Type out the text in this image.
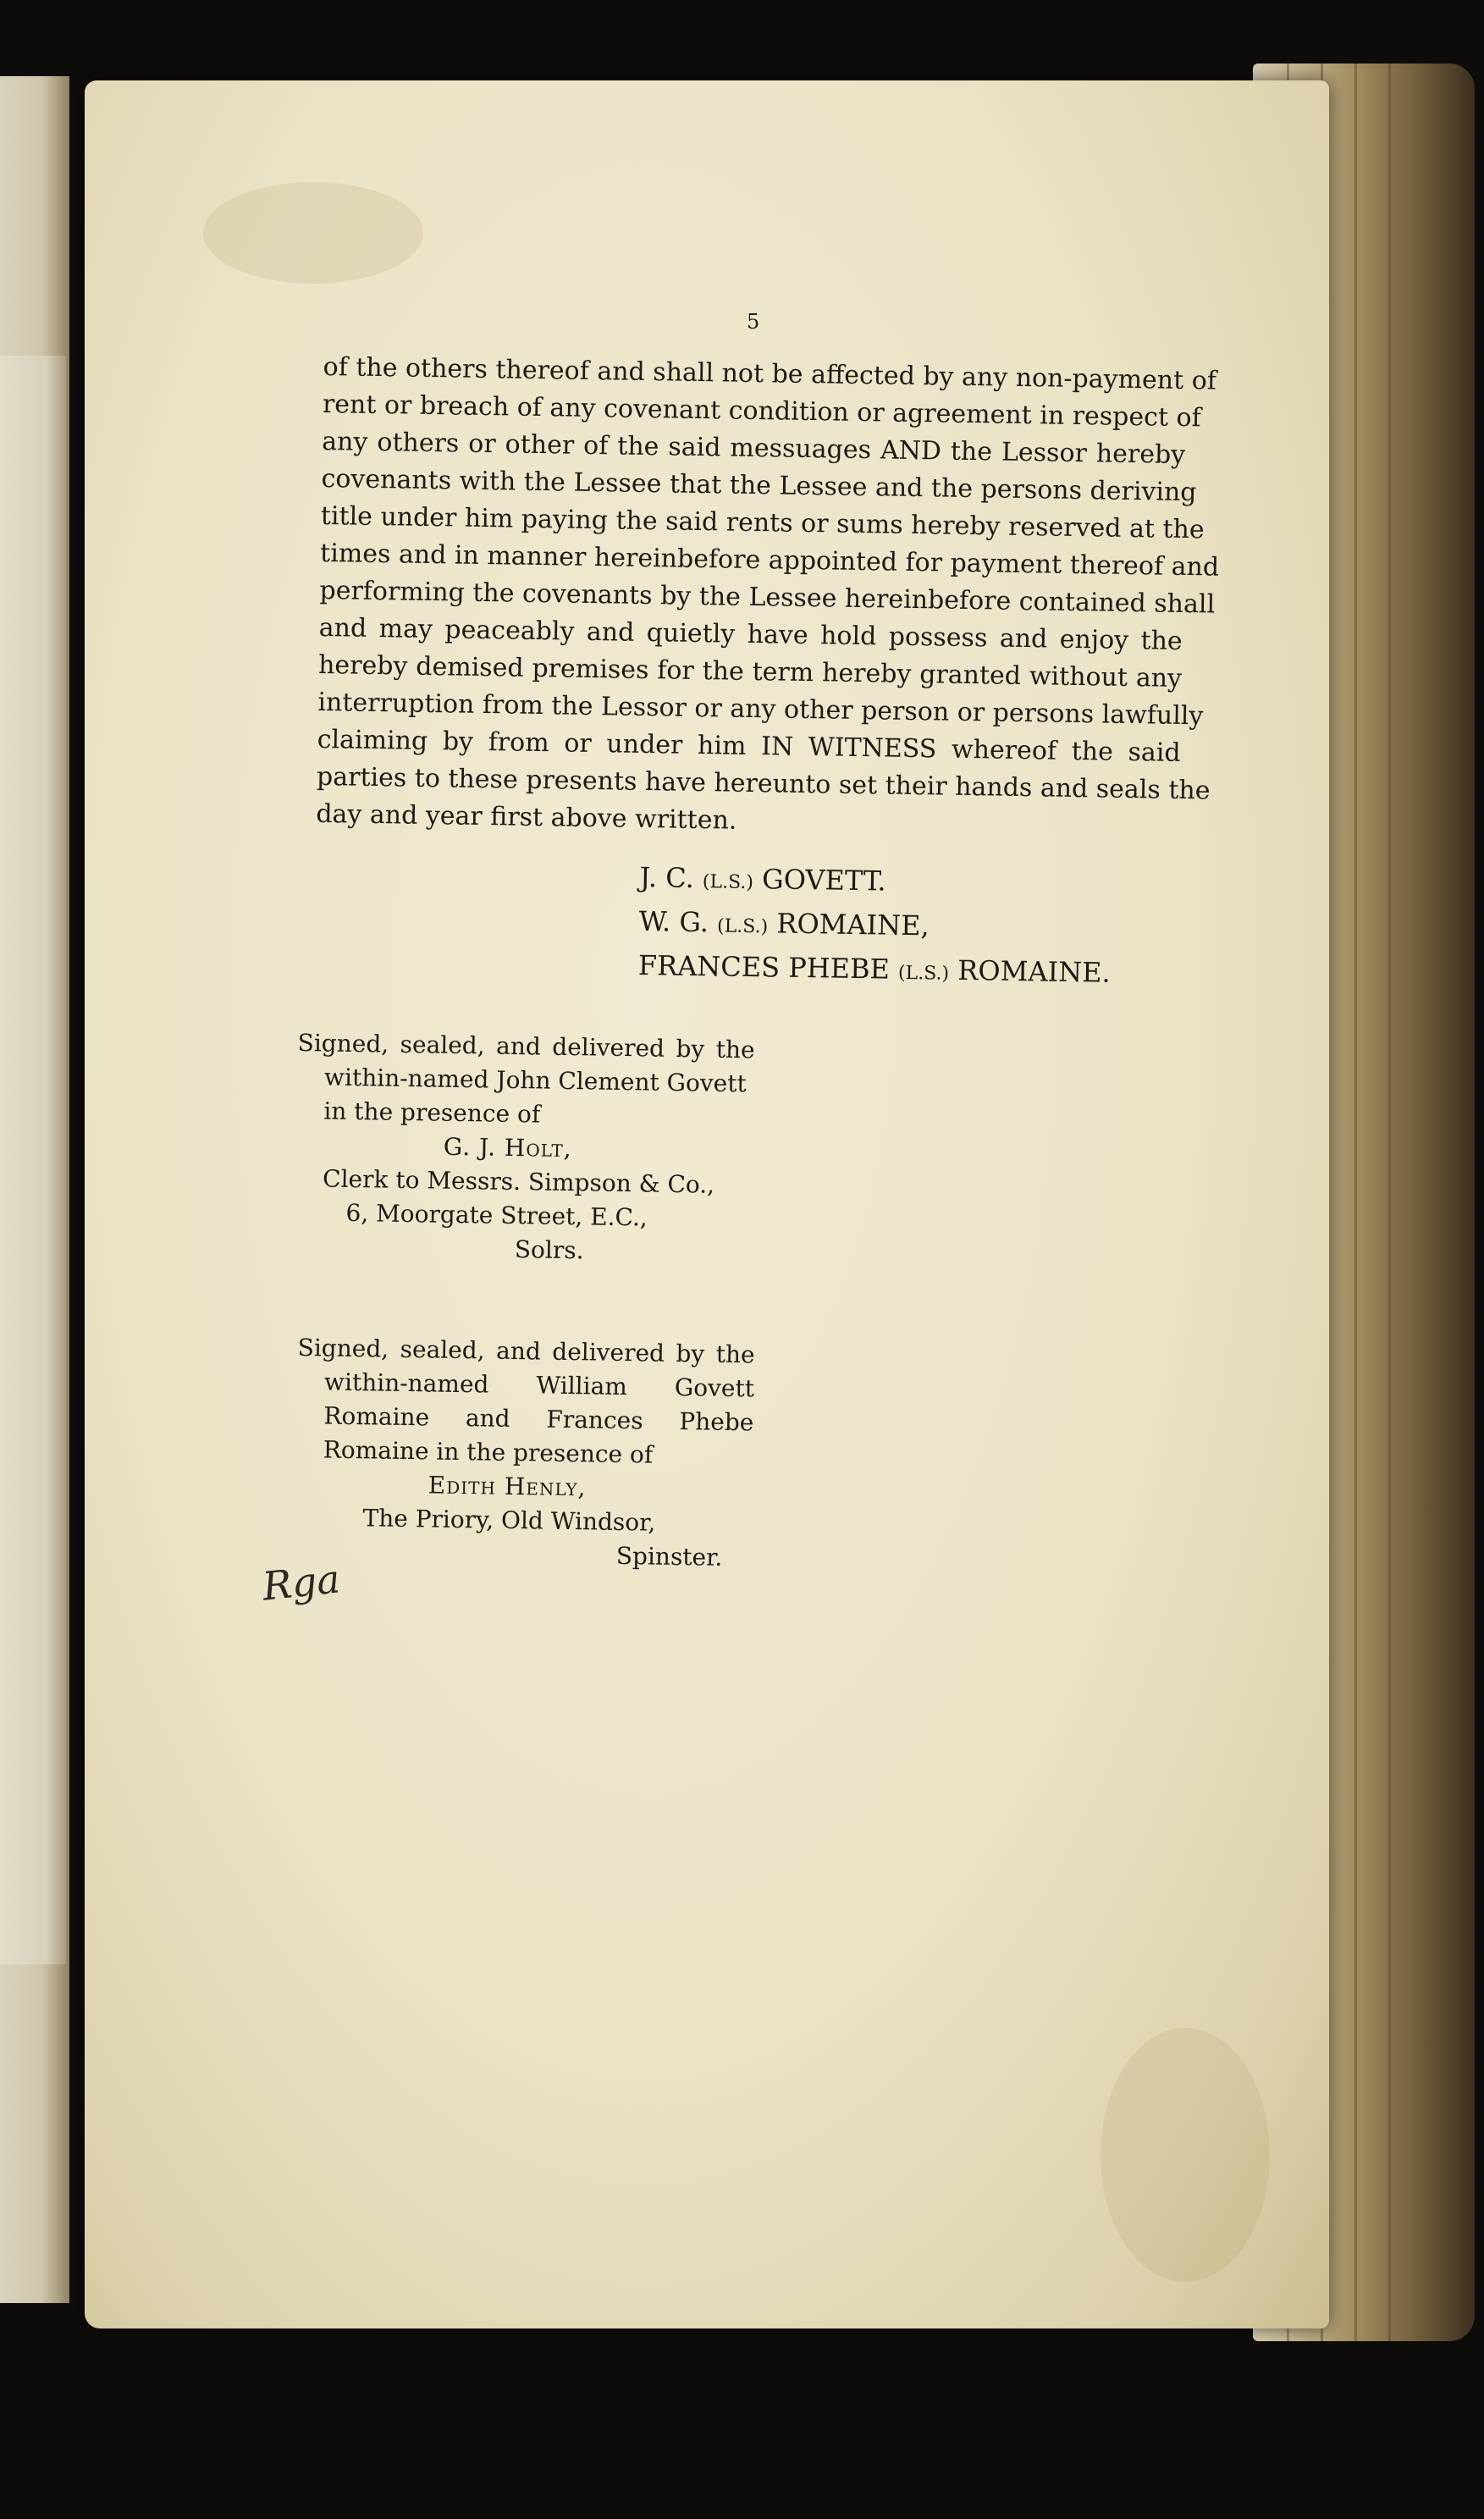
5
of the others thereof and shall not be affected by any non-payment of
rent or breach of any covenant condition or agreement in respect of
any others or other of the said messuages AND the Lessor hereby
covenants with the Lessee that the Lessee and the persons deriving
title under him paying the said rents or sums hereby reserved at the
times and in manner hereinbefore appointed for payment thereof and
performing the covenants by the Lessee hereinbefore contained shall
and may peaceably and quietly have hold possess and enjoy the
hereby demised premises for the term hereby granted without any
interruption from the Lessor or any other person or persons lawfully
claiming by from or under him IN WITNESS whereof the said
parties to these presents have hereunto set their hands and seals the
day and year first above written.
J. C. (L.S.) GOVETT.
W. G. (L.S.) ROMAINE,
FRANCES PHEBE (L.S.) ROMAINE.
Signed, sealed, and delivered by the
within-named John Clement Govett
in the presence of
G. J. Holt,
Clerk to Messrs. Simpson & Co.,
6, Moorgate Street, E.C.,
Solrs.
Signed, sealed, and delivered by the
within-named William Govett
Romaine and Frances Phebe
Romaine in the presence of
Edith Henly,
The Priory, Old Windsor,
Spinster.
Rga
